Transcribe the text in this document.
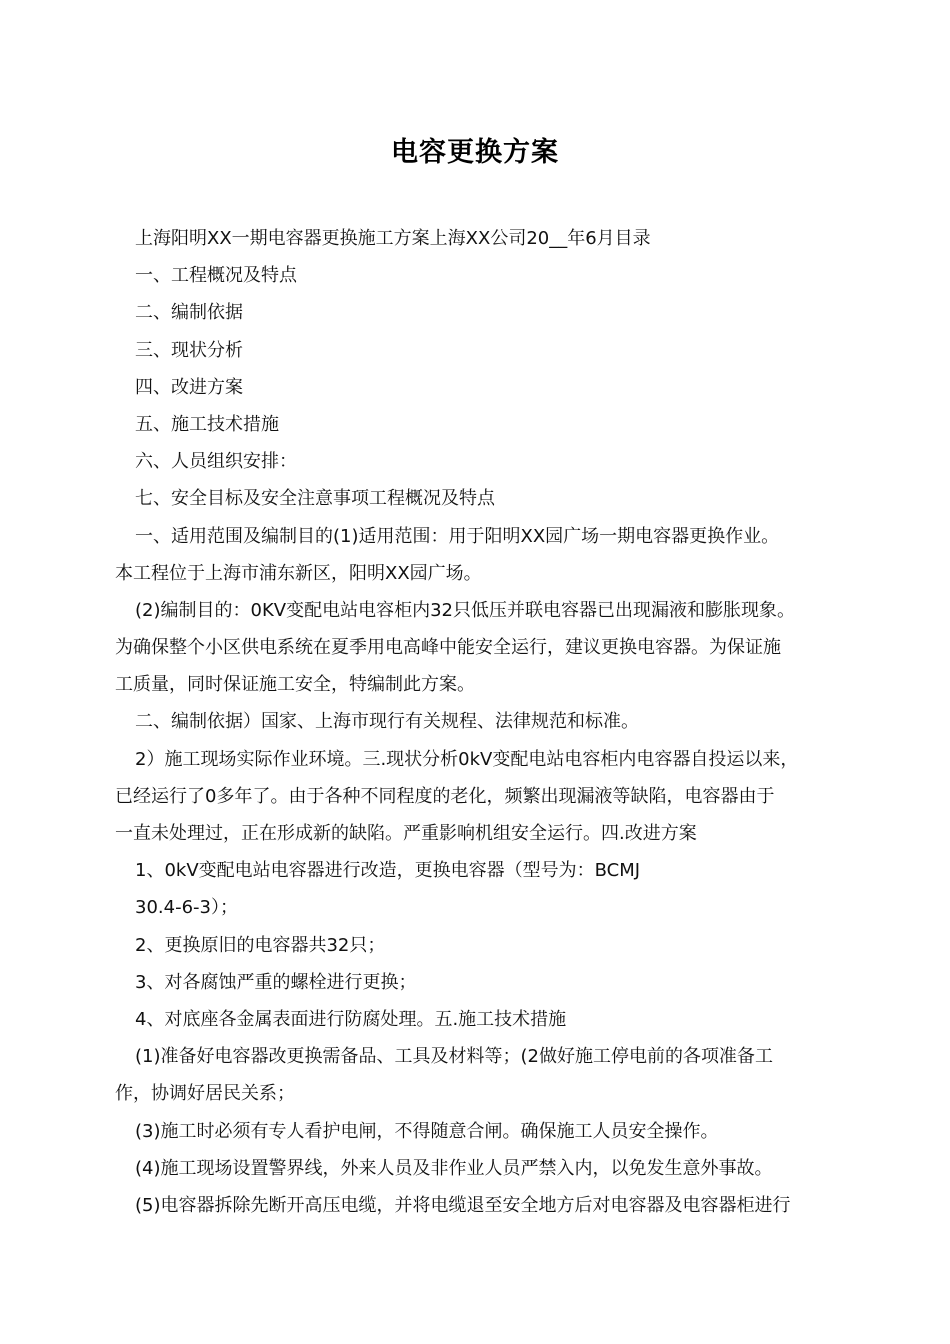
电容更换方案
上海阳明XX一期电容器更换施工方案上海XX公司20__年6月目录
一、工程概况及特点
二、编制依据
三、现状分析
四、改进方案
五、施工技术措施
六、人员组织安排：
七、安全目标及安全注意事项工程概况及特点
一、适用范围及编制目的(1)适用范围：用于阳明XX园广场一期电容器更换作业。
本工程位于上海市浦东新区，阳明XX园广场。
(2)编制目的：0KV变配电站电容柜内32只低压并联电容器已出现漏液和膨胀现象。
为确保整个小区供电系统在夏季用电高峰中能安全运行，建议更换电容器。为保证施
工质量，同时保证施工安全，特编制此方案。
二、编制依据）国家、上海市现行有关规程、法律规范和标准。
2）施工现场实际作业环境。三.现状分析0kV变配电站电容柜内电容器自投运以来，
已经运行了0多年了。由于各种不同程度的老化，频繁出现漏液等缺陷，电容器由于
一直未处理过，正在形成新的缺陷。严重影响机组安全运行。四.改进方案
1、0kV变配电站电容器进行改造，更换电容器（型号为：BCMJ
30.4-6-3）；
2、更换原旧的电容器共32只；
3、对各腐蚀严重的螺栓进行更换；
4、对底座各金属表面进行防腐处理。五.施工技术措施
(1)准备好电容器改更换需备品、工具及材料等；(2做好施工停电前的各项准备工
作，协调好居民关系；
(3)施工时必须有专人看护电闸，不得随意合闸。确保施工人员安全操作。
(4)施工现场设置警界线，外来人员及非作业人员严禁入内，以免发生意外事故。
(5)电容器拆除先断开高压电缆，并将电缆退至安全地方后对电容器及电容器柜进行
